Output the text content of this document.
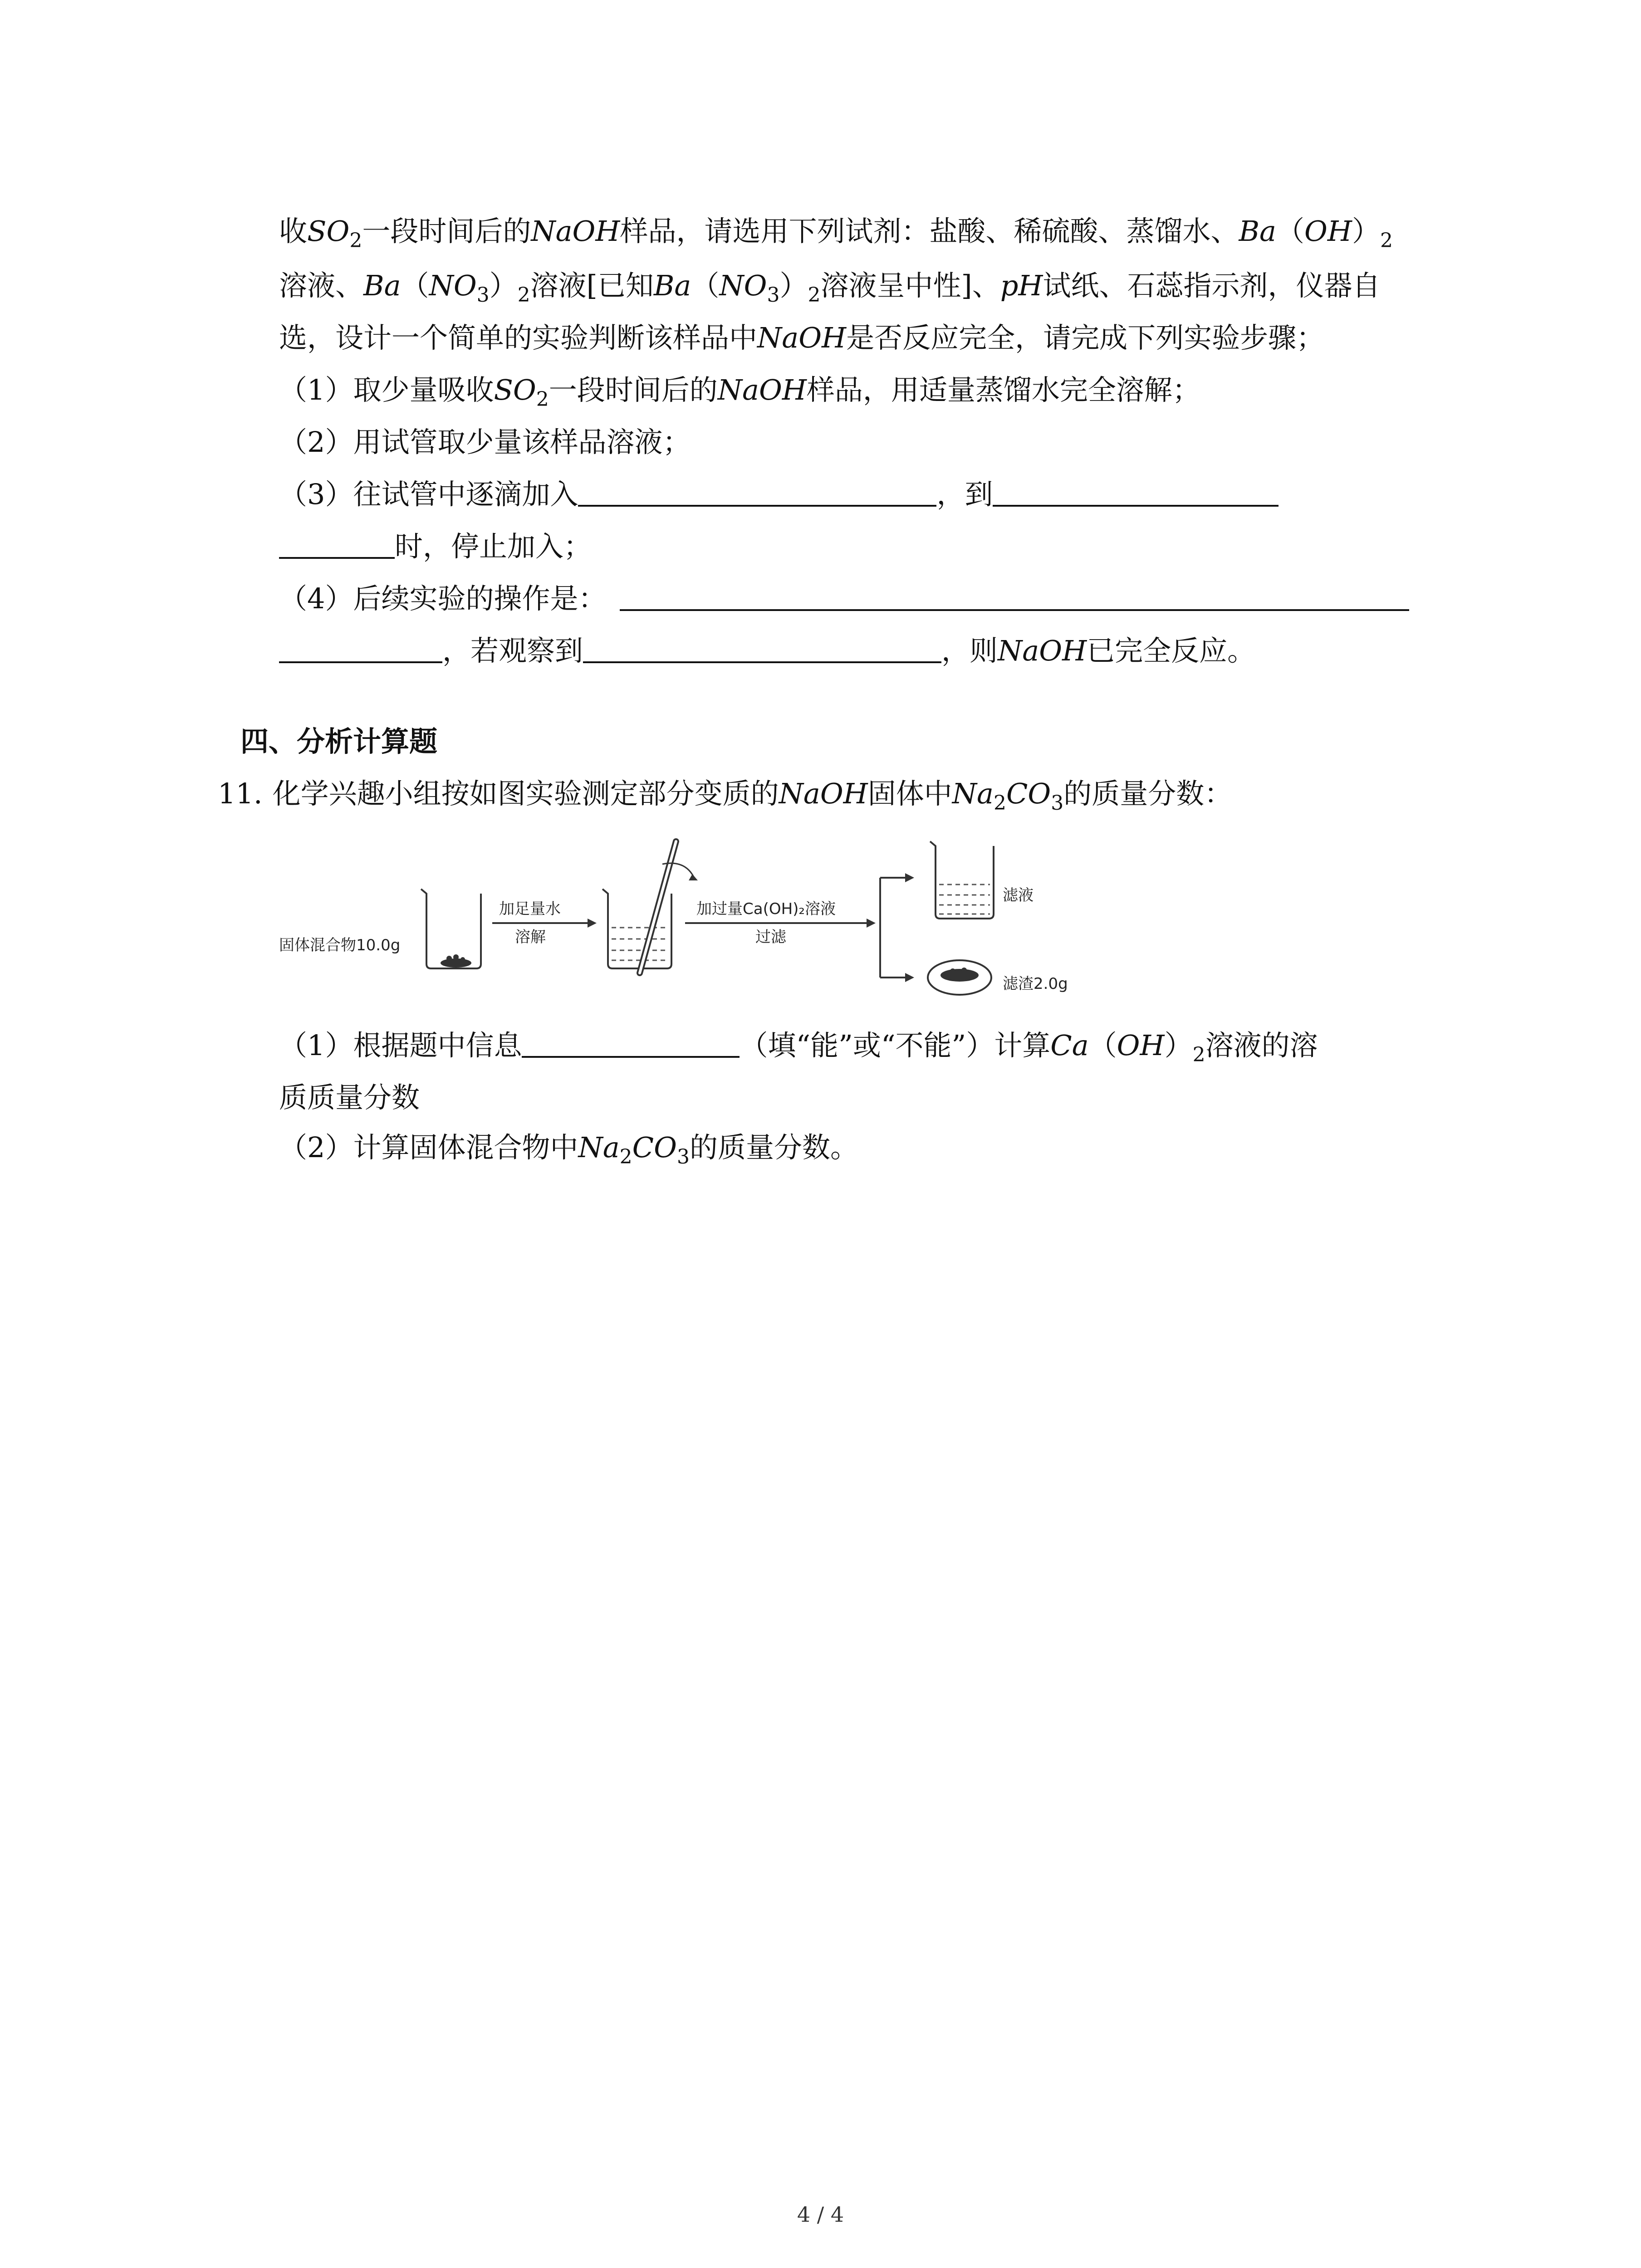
收$SO_2$一段时间后的NaOH样品，请选用下列试剂：盐酸、稀硫酸、蒸馏水、$Ba(OH)_2$
溶液、$Ba(NO_3)_2$溶液[已知$Ba(NO_3)_2$溶液呈中性]、pH试纸、石蕊指示剂，仪器自
选，设计一个简单的实验判断该样品中NaOH是否反应完全，请完成下列实验步骤；
（1）取少量吸收$SO_2$一段时间后的NaOH样品，用适量蒸馏水完全溶解；
（2）用试管取少量该样品溶液；
（3）往试管中逐滴加入	，到
时，停止加入；
（4）后续实验的操作是：
，若观察到	，则NaOH已完全反应。
四、分析计算题
11. 化学兴趣小组按如图实验测定部分变质的NaOH固体中$Na_2CO_3$的质量分数：
固体混合物10.0g
加足量水
溶解
加过量Ca(OH)₂溶液
过滤
滤液
滤渣2.0g
（1）根据题中信息	（填“能”或“不能”）计算$Ca(OH)_2$溶液的溶
质质量分数
（2）计算固体混合物中$Na_2CO_3$的质量分数。
4 / 4
